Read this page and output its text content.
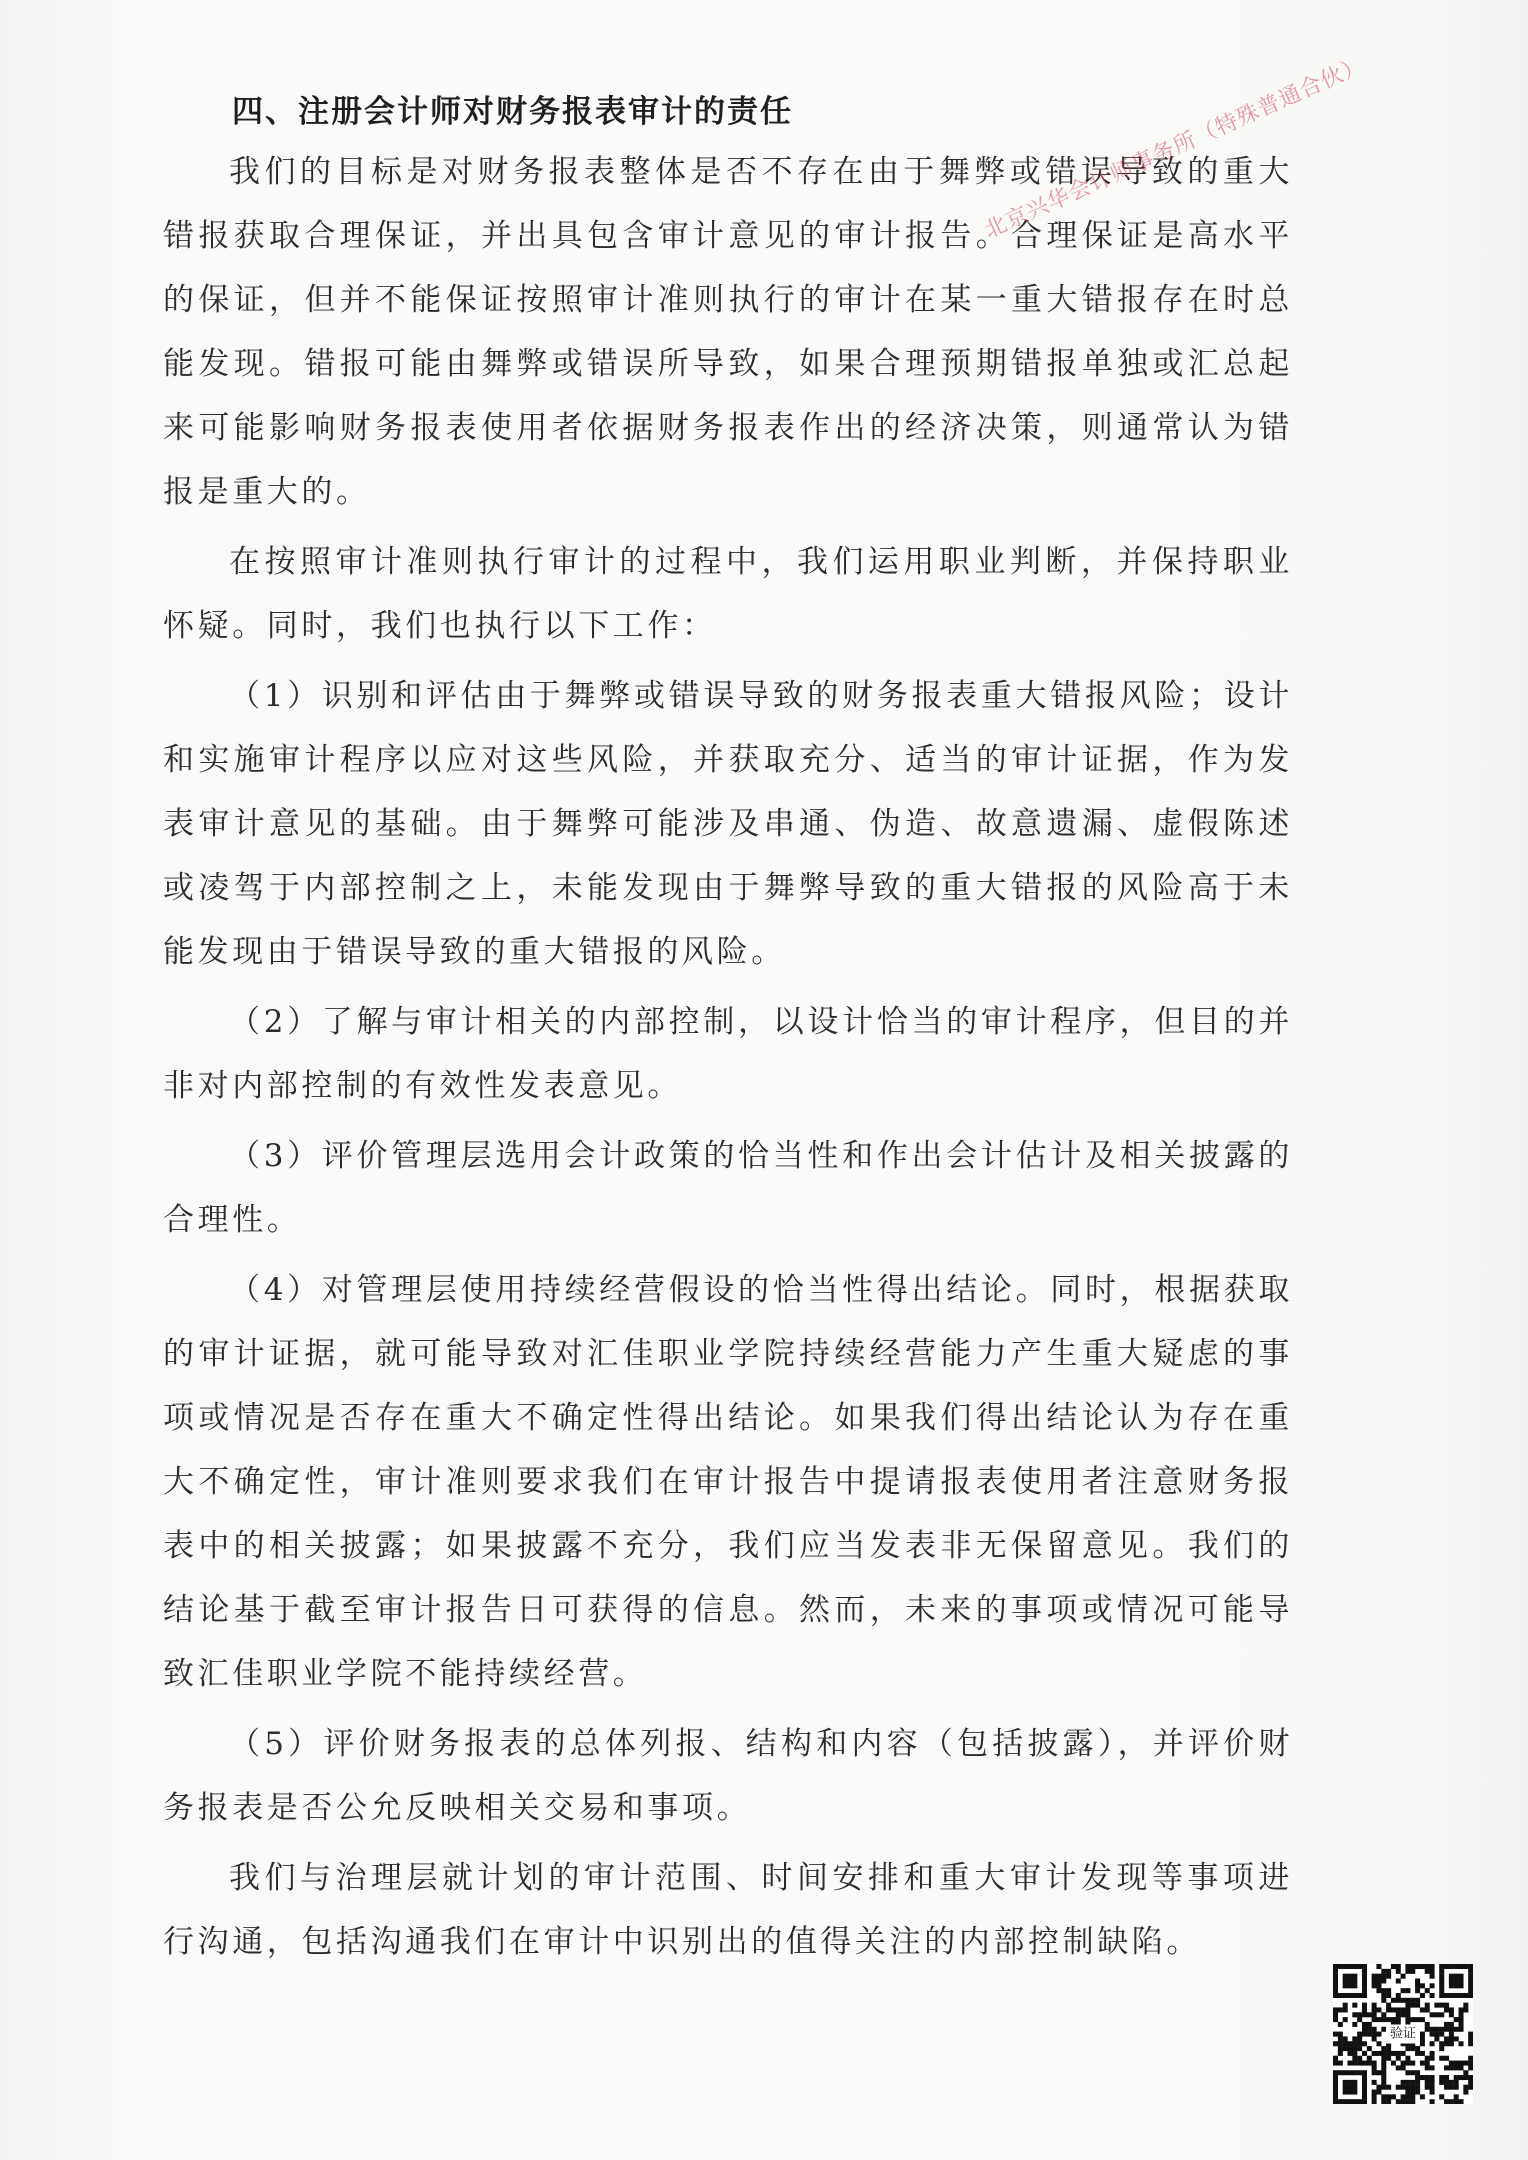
四、注册会计师对财务报表审计的责任

我们的目标是对财务报表整体是否不存在由于舞弊或错误导致的重大错报获取合理保证，并出具包含审计意见的审计报告。合理保证是高水平的保证，但并不能保证按照审计准则执行的审计在某一重大错报存在时总能发现。错报可能由舞弊或错误所导致，如果合理预期错报单独或汇总起来可能影响财务报表使用者依据财务报表作出的经济决策，则通常认为错报是重大的。

在按照审计准则执行审计的过程中，我们运用职业判断，并保持职业怀疑。同时，我们也执行以下工作：

（1）识别和评估由于舞弊或错误导致的财务报表重大错报风险；设计和实施审计程序以应对这些风险，并获取充分、适当的审计证据，作为发表审计意见的基础。由于舞弊可能涉及串通、伪造、故意遗漏、虚假陈述或凌驾于内部控制之上，未能发现由于舞弊导致的重大错报的风险高于未能发现由于错误导致的重大错报的风险。

（2）了解与审计相关的内部控制，以设计恰当的审计程序，但目的并非对内部控制的有效性发表意见。

（3）评价管理层选用会计政策的恰当性和作出会计估计及相关披露的合理性。

（4）对管理层使用持续经营假设的恰当性得出结论。同时，根据获取的审计证据，就可能导致对汇佳职业学院持续经营能力产生重大疑虑的事项或情况是否存在重大不确定性得出结论。如果我们得出结论认为存在重大不确定性，审计准则要求我们在审计报告中提请报表使用者注意财务报表中的相关披露；如果披露不充分，我们应当发表非无保留意见。我们的结论基于截至审计报告日可获得的信息。然而，未来的事项或情况可能导致汇佳职业学院不能持续经营。

（5）评价财务报表的总体列报、结构和内容（包括披露），并评价财务报表是否公允反映相关交易和事项。

我们与治理层就计划的审计范围、时间安排和重大审计发现等事项进行沟通，包括沟通我们在审计中识别出的值得关注的内部控制缺陷。

北京兴华会计师事务所（特殊普通合伙）
验证
